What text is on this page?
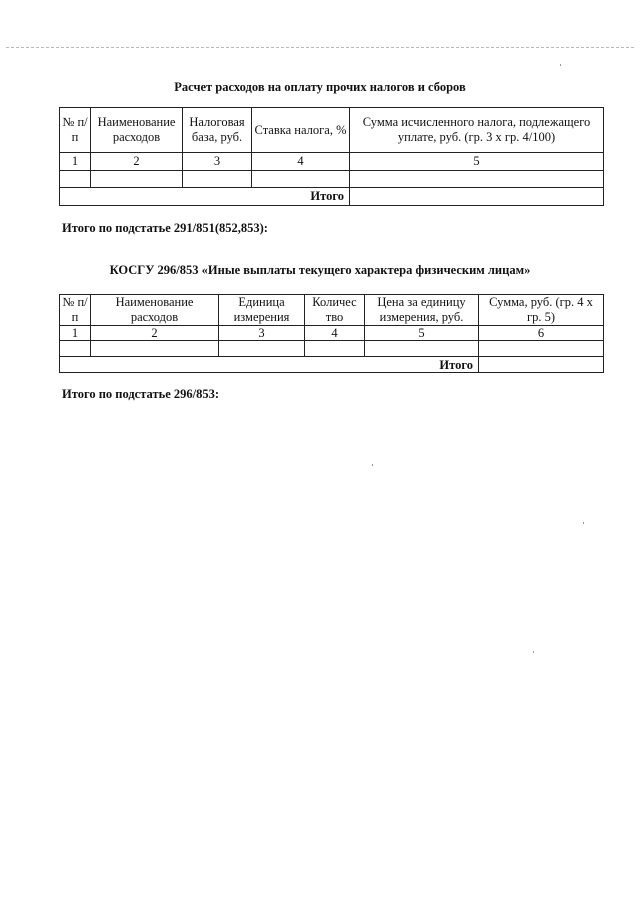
Расчет расходов на оплату прочих налогов и сборов
№ п/п	Наименование расходов	Налоговая база, руб.	Ставка налога, %	Сумма исчисленного налога, подлежащего уплате, руб. (гр. 3 х гр. 4/100)
1	2	3	4	5

Итого				
Итого по подстатье 291/851(852,853):
КОСГУ 296/853 «Иные выплаты текущего характера физическим лицам»
№ п/п	Наименование расходов	Единица измерения	Количес тво	Цена за единицу измерения, руб.	Сумма, руб. (гр. 4 х гр. 5)
1	2	3	4	5	6

Итого					
Итого по подстатье 296/853:
